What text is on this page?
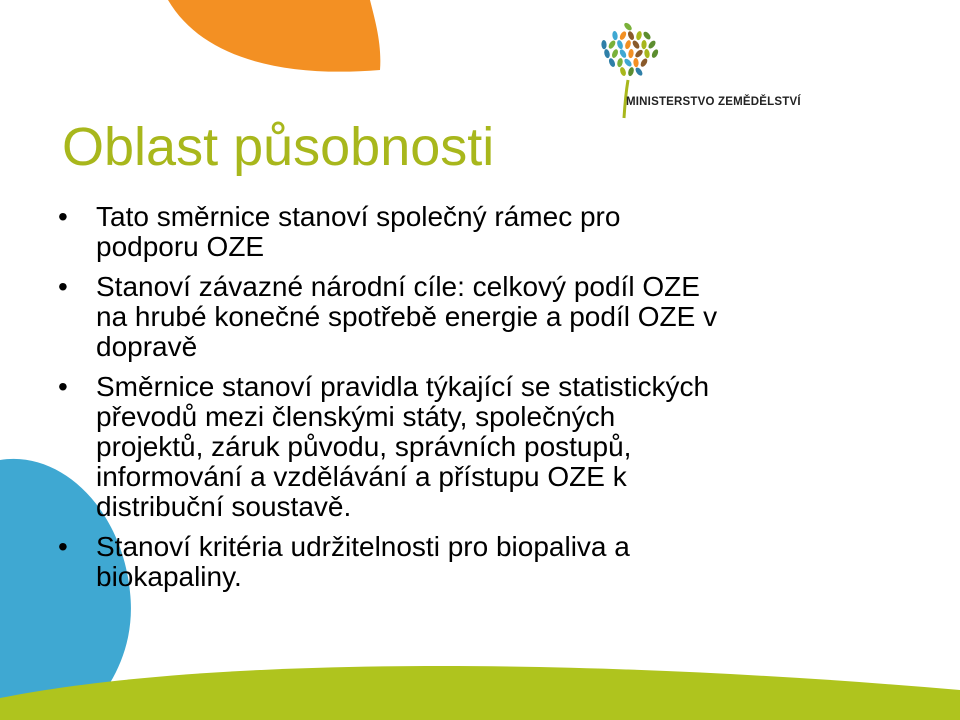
MINISTERSTVO ZEMĚDĚLSTVÍ
Oblast působnosti
• Tato směrnice stanoví společný rámec pro
podporu OZE
• Stanoví závazné národní cíle: celkový podíl OZE
na hrubé konečné spotřebě energie a podíl OZE v
dopravě
• Směrnice stanoví pravidla týkající se statistických
převodů mezi členskými státy, společných
projektů, záruk původu, správních postupů,
informování a vzdělávání a přístupu OZE k
distribuční soustavě.
• Stanoví kritéria udržitelnosti pro biopaliva a
biokapaliny.
